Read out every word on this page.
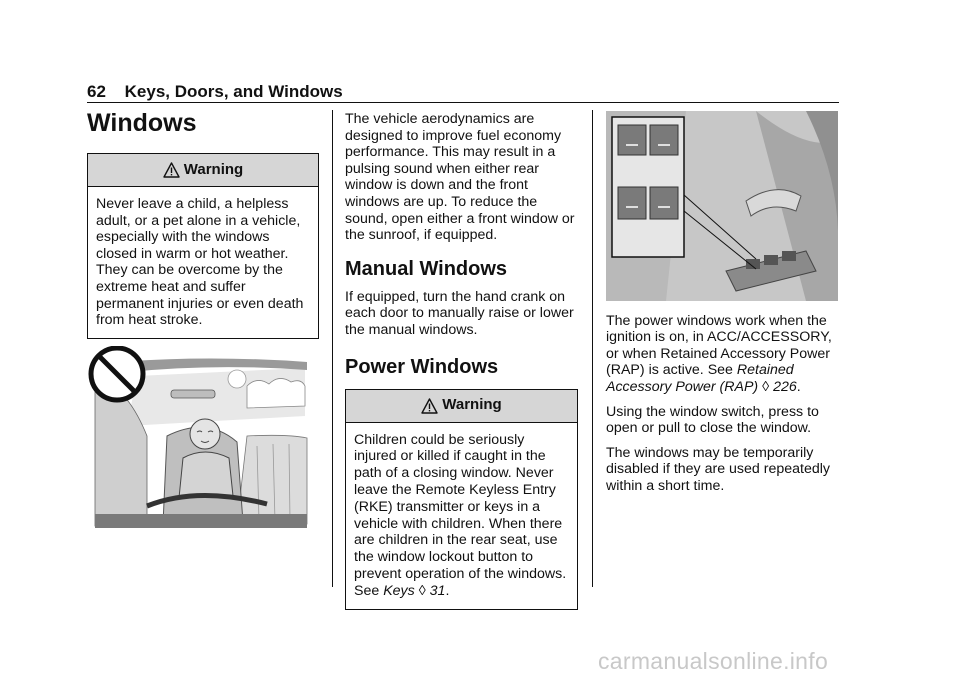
62 Keys, Doors, and Windows
Windows
Warning
Never leave a child, a helpless adult, or a pet alone in a vehicle, especially with the windows closed in warm or hot weather. They can be overcome by the extreme heat and suffer permanent injuries or even death from heat stroke.

The vehicle aerodynamics are designed to improve fuel economy performance. This may result in a pulsing sound when either rear window is down and the front windows are up. To reduce the sound, open either a front window or the sunroof, if equipped.

Manual Windows

If equipped, turn the hand crank on each door to manually raise or lower the manual windows.

Power Windows
Warning
Children could be seriously injured or killed if caught in the path of a closing window. Never leave the Remote Keyless Entry (RKE) transmitter or keys in a vehicle with children. When there are children in the rear seat, use the window lockout button to prevent operation of the windows. See Keys ◊ 31.

The power windows work when the ignition is on, in ACC/ACCESSORY, or when Retained Accessory Power (RAP) is active. See Retained Accessory Power (RAP) ◊ 226.

Using the window switch, press to open or pull to close the window.

The windows may be temporarily disabled if they are used repeatedly within a short time.

carmanualsonline.info
